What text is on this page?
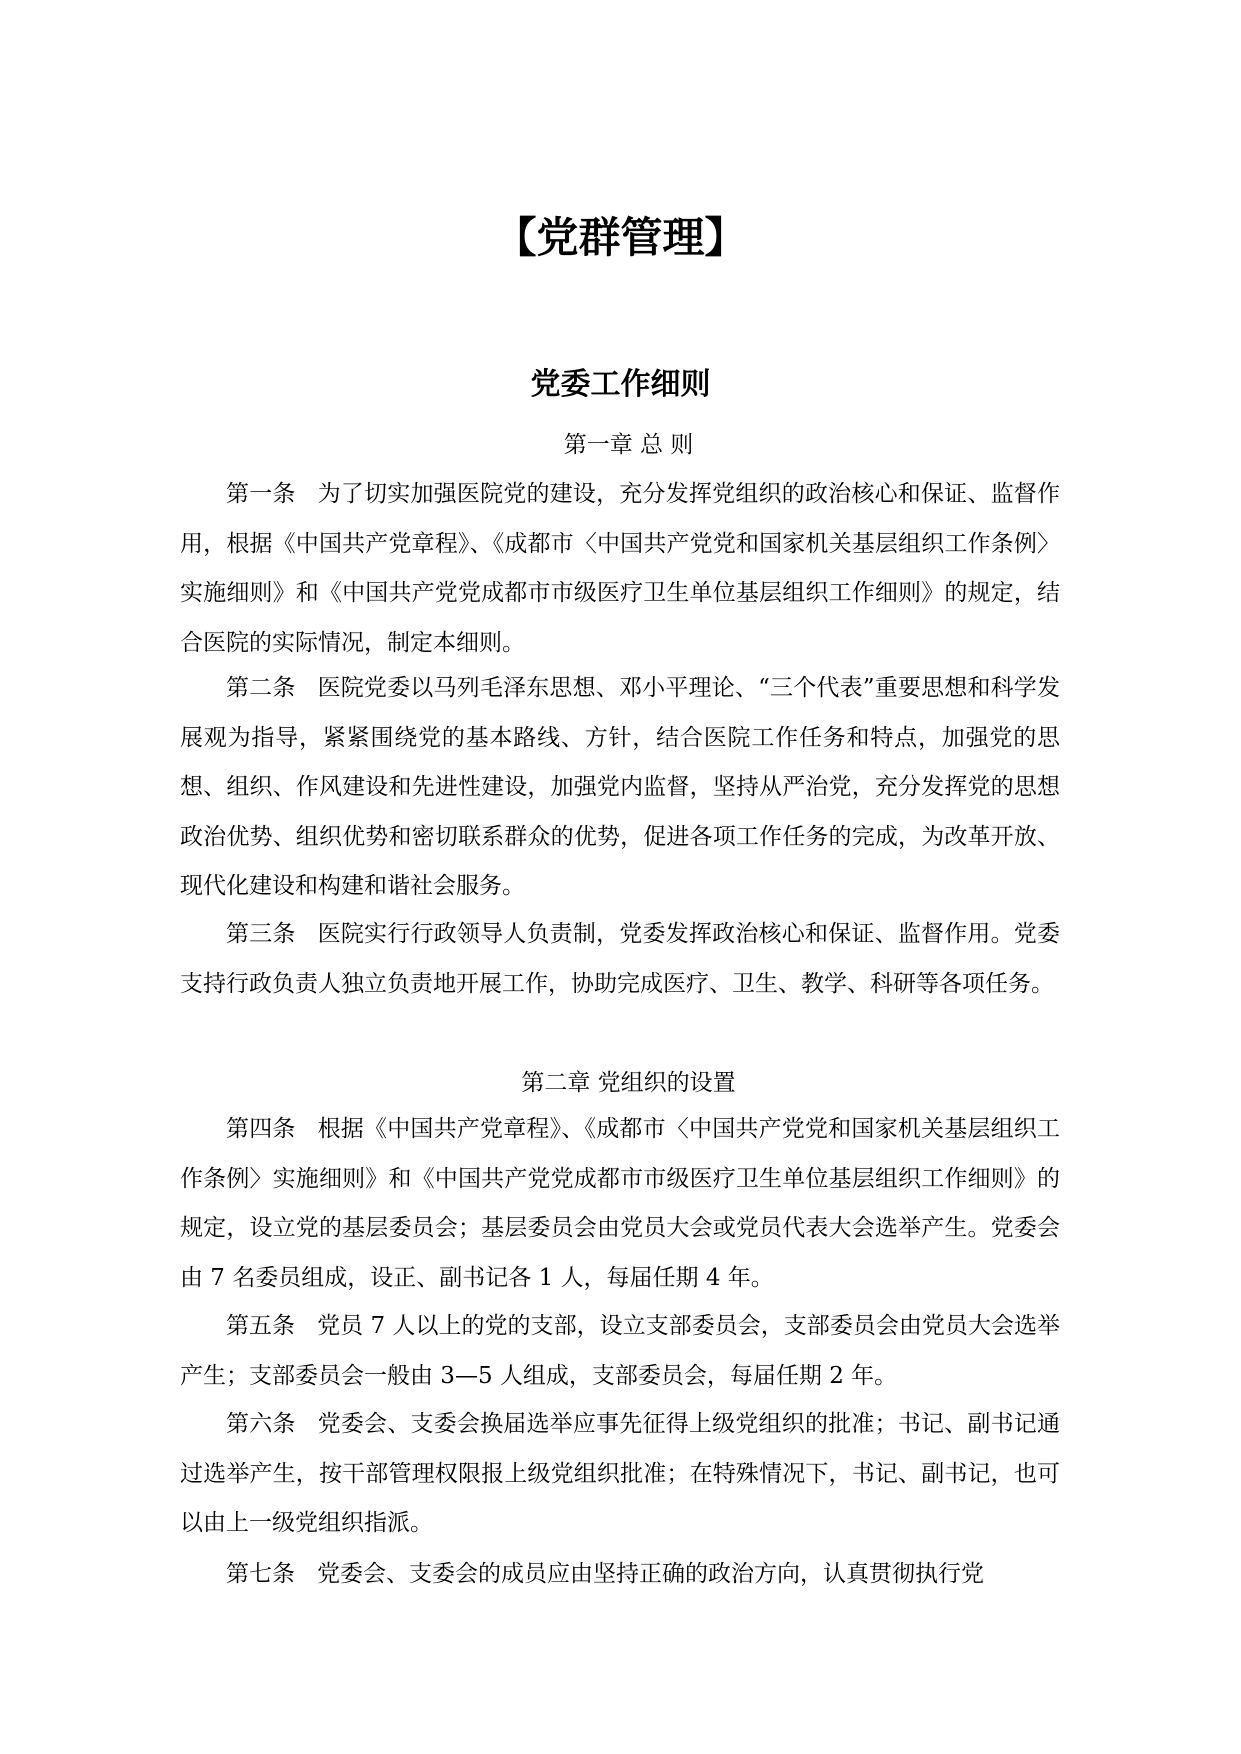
【党群管理】
党委工作细则
第一章 总 则

第一条 为了切实加强医院党的建设，充分发挥党组织的政治核心和保证、监督作用，根据《中国共产党章程》、《成都市〈中国共产党党和国家机关基层组织工作条例〉实施细则》和《中国共产党党成都市市级医疗卫生单位基层组织工作细则》的规定，结合医院的实际情况，制定本细则。

第二条 医院党委以马列毛泽东思想、邓小平理论、“三个代表”重要思想和科学发展观为指导，紧紧围绕党的基本路线、方针，结合医院工作任务和特点，加强党的思想、组织、作风建设和先进性建设，加强党内监督，坚持从严治党，充分发挥党的思想政治优势、组织优势和密切联系群众的优势，促进各项工作任务的完成，为改革开放、现代化建设和构建和谐社会服务。

第三条 医院实行行政领导人负责制，党委发挥政治核心和保证、监督作用。党委支持行政负责人独立负责地开展工作，协助完成医疗、卫生、教学、科研等各项任务。

第二章 党组织的设置

第四条 根据《中国共产党章程》、《成都市〈中国共产党党和国家机关基层组织工作条例〉实施细则》和《中国共产党党成都市市级医疗卫生单位基层组织工作细则》的规定，设立党的基层委员会；基层委员会由党员大会或党员代表大会选举产生。党委会由 7 名委员组成，设正、副书记各 1 人，每届任期 4 年。

第五条 党员 7 人以上的党的支部，设立支部委员会，支部委员会由党员大会选举产生；支部委员会一般由 3—5 人组成，支部委员会，每届任期 2 年。

第六条 党委会、支委会换届选举应事先征得上级党组织的批准；书记、副书记通过选举产生，按干部管理权限报上级党组织批准；在特殊情况下，书记、副书记，也可以由上一级党组织指派。

第七条 党委会、支委会的成员应由坚持正确的政治方向，认真贯彻执行党
